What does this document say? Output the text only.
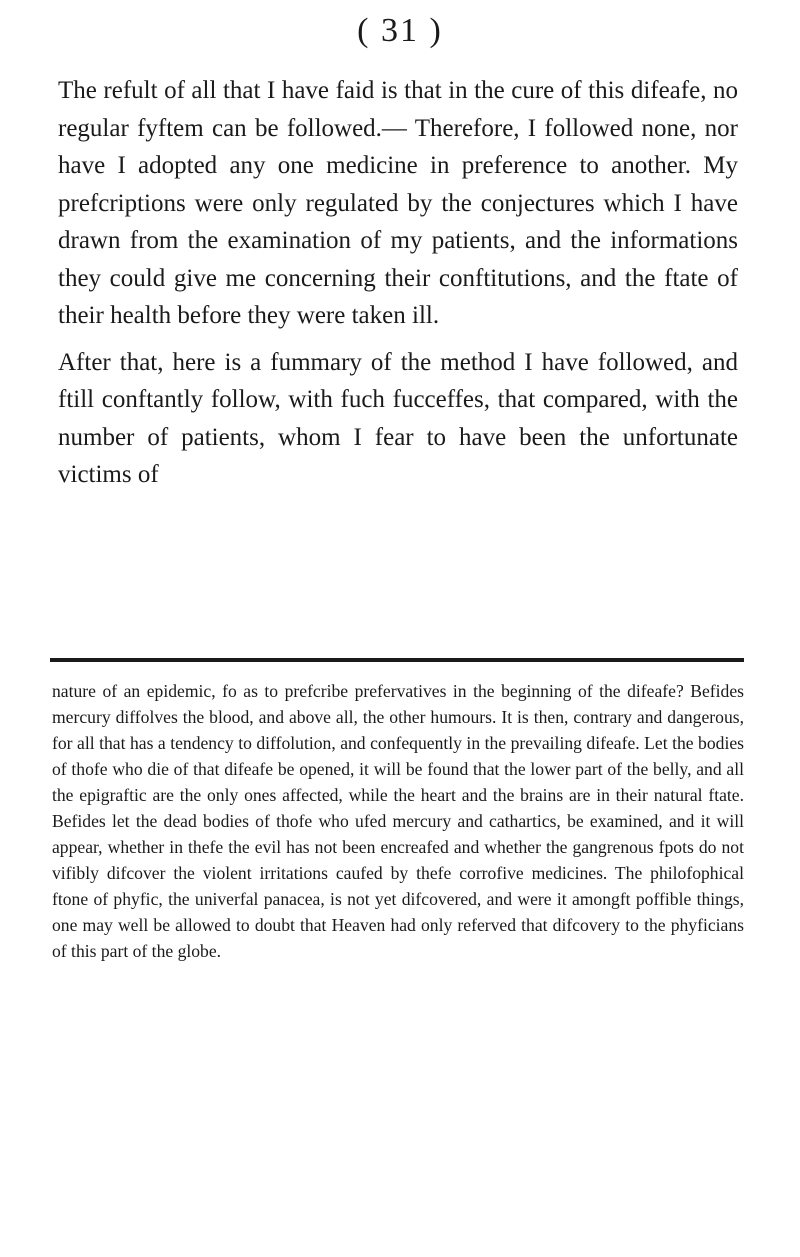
( 31 )

The refult of all that I have faid is that in the cure of this difeafe, no regular fyftem can be followed.— Therefore, I followed none, nor have I adopted any one medicine in preference to another. My prefcriptions were only regulated by the conjectures which I have drawn from the examination of my patients, and the informations they could give me concerning their conftitutions, and the ftate of their health before they were taken ill.

After that, here is a fummary of the method I have followed, and ftill conftantly follow, with fuch fucceffes, that compared, with the number of patients, whom I fear to have been the unfortunate victims of

nature of an epidemic, fo as to prefcribe prefervatives in the beginning of the difeafe? Befides mercury diffolves the blood, and above all, the other humours. It is then, contrary and dangerous, for all that has a tendency to diffolution, and confequently in the prevailing difeafe. Let the bodies of thofe who die of that difeafe be opened, it will be found that the lower part of the belly, and all the epigraftic are the only ones affected, while the heart and the brains are in their natural ftate. Befides let the dead bodies of thofe who ufed mercury and cathartics, be examined, and it will appear, whether in thefe the evil has not been encreafed and whether the gangrenous fpots do not vifibly difcover the violent irritations caufed by thefe corrofive medicines. The philofophical ftone of phyfic, the univerfal panacea, is not yet difcovered, and were it amongft poffible things, one may well be allowed to doubt that Heaven had only referved that difcovery to the phyficians of this part of the globe.
